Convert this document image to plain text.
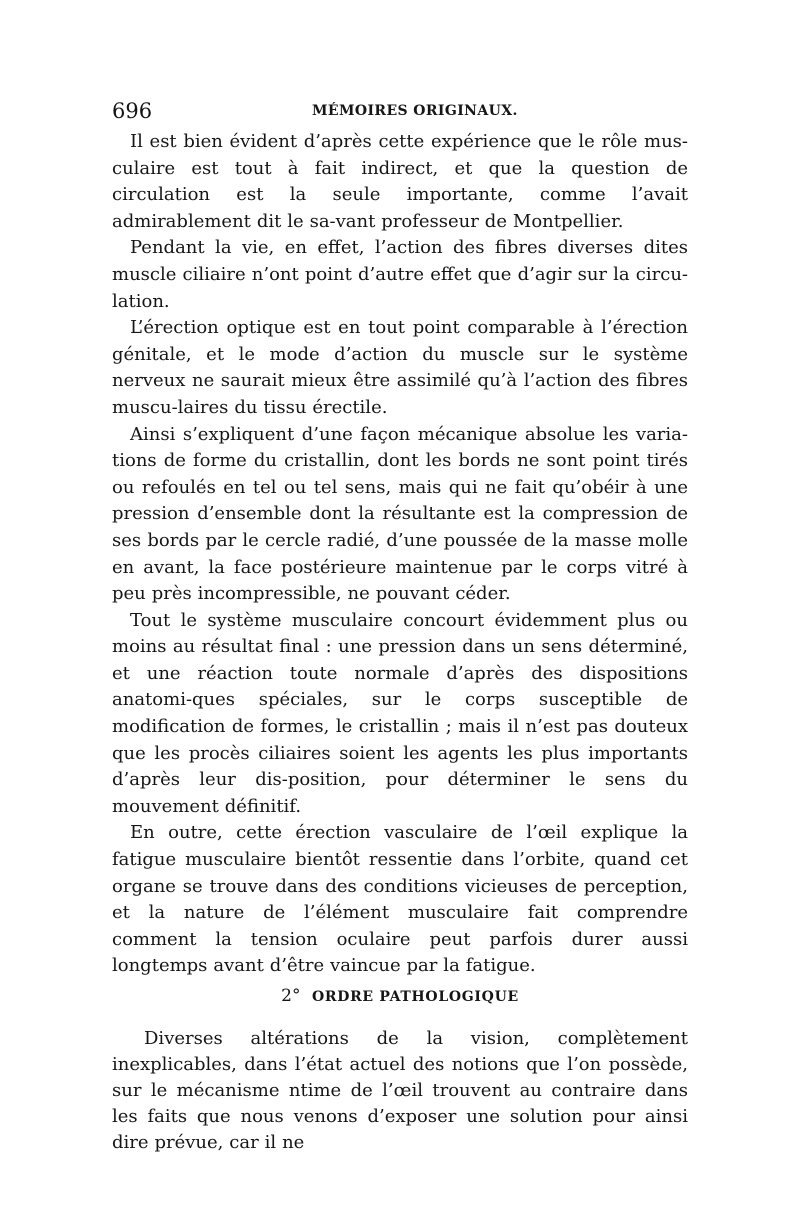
696	MÉMOIRES ORIGINAUX.

Il est bien évident d’après cette expérience que le rôle mus-culaire est tout à fait indirect, et que la question de circulation est la seule importante, comme l’avait admirablement dit le sa-vant professeur de Montpellier.

Pendant la vie, en effet, l’action des fibres diverses dites muscle ciliaire n’ont point d’autre effet que d’agir sur la circu-lation.

L’érection optique est en tout point comparable à l’érection génitale, et le mode d’action du muscle sur le système nerveux ne saurait mieux être assimilé qu’à l’action des fibres muscu-laires du tissu érectile.

Ainsi s’expliquent d’une façon mécanique absolue les varia-tions de forme du cristallin, dont les bords ne sont point tirés ou refoulés en tel ou tel sens, mais qui ne fait qu’obéir à une pression d’ensemble dont la résultante est la compression de ses bords par le cercle radié, d’une poussée de la masse molle en avant, la face postérieure maintenue par le corps vitré à peu près incompressible, ne pouvant céder.

Tout le système musculaire concourt évidemment plus ou moins au résultat final : une pression dans un sens déterminé, et une réaction toute normale d’après des dispositions anatomi-ques spéciales, sur le corps susceptible de modification de formes, le cristallin ; mais il n’est pas douteux que les procès ciliaires soient les agents les plus importants d’après leur dis-position, pour déterminer le sens du mouvement définitif.

En outre, cette érection vasculaire de l’œil explique la fatigue musculaire bientôt ressentie dans l’orbite, quand cet organe se trouve dans des conditions vicieuses de perception, et la nature de l’élément musculaire fait comprendre comment la tension oculaire peut parfois durer aussi longtemps avant d’être vaincue par la fatigue.

2° ORDRE PATHOLOGIQUE

Diverses altérations de la vision, complètement inexplicables, dans l’état actuel des notions que l’on possède, sur le mécanisme ntime de l’œil trouvent au contraire dans les faits que nous venons d’exposer une solution pour ainsi dire prévue, car il ne
